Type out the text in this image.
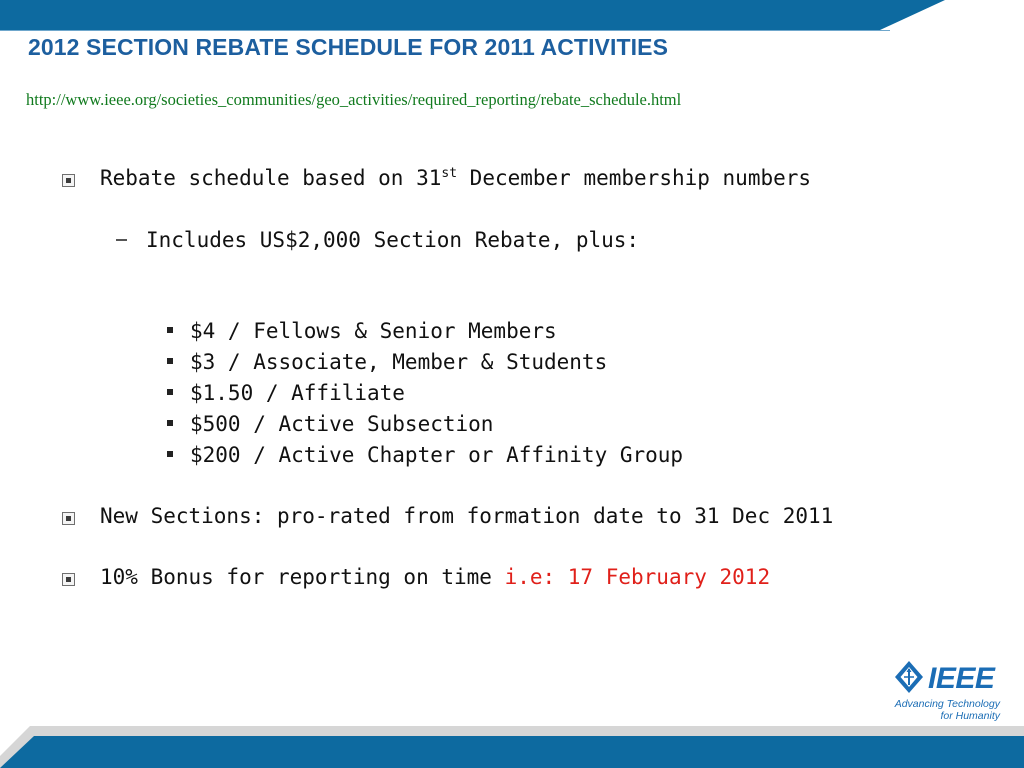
2012 SECTION REBATE SCHEDULE FOR 2011 ACTIVITIES
http://www.ieee.org/societies_communities/geo_activities/required_reporting/rebate_schedule.html
Rebate schedule based on 31st December membership numbers
Includes US$2,000 Section Rebate, plus:
$4 / Fellows & Senior Members
$3 / Associate, Member & Students
$1.50 / Affiliate
$500 / Active Subsection
$200 / Active Chapter or Affinity Group
New Sections: pro-rated from formation date to 31 Dec 2011
10% Bonus for reporting on time i.e: 17 February 2012
IEEE
Advancing Technology
for Humanity
